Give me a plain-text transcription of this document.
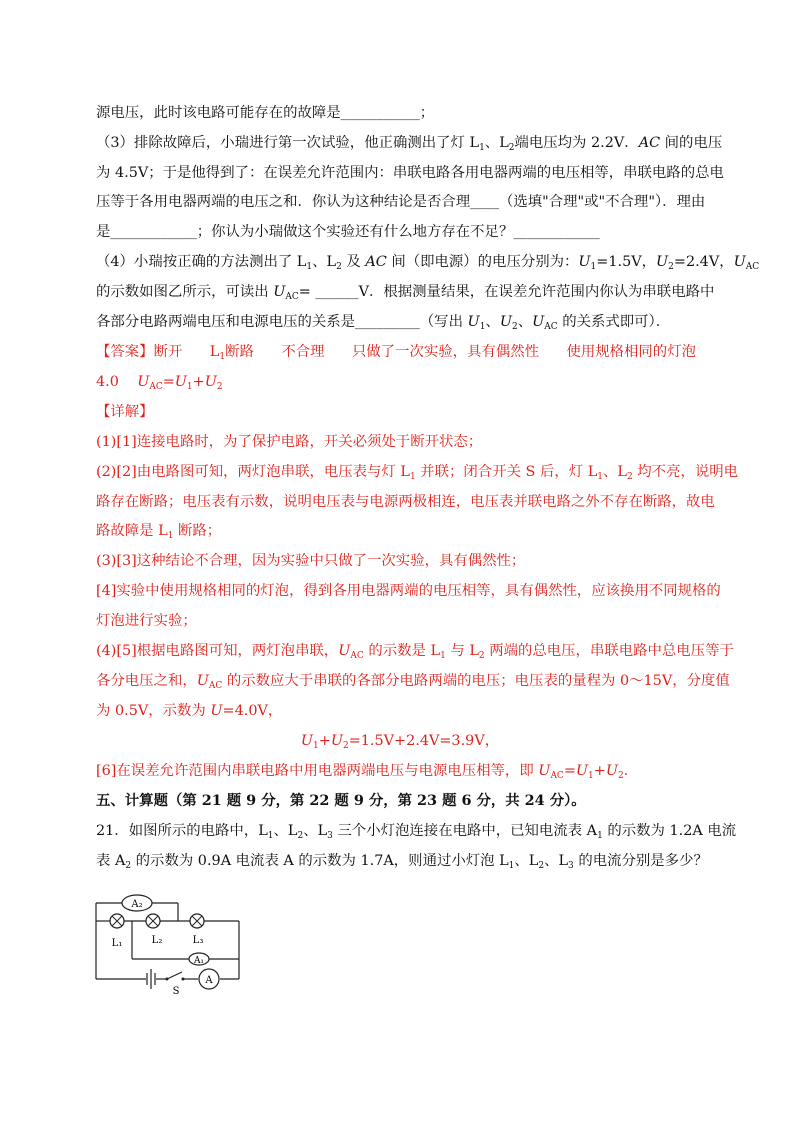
源电压，此时该电路可能存在的故障是___________；
（3）排除故障后，小瑞进行第一次试验，他正确测出了灯 $L_1$、$L_2$端电压均为 2.2V．AC 间的电压
为 4.5V；于是他得到了：在误差允许范围内：串联电路各用电器两端的电压相等，串联电路的总电
压等于各用电器两端的电压之和．你认为这种结论是否合理____（选填"合理"或"不合理"）．理由
是____________；你认为小瑞做这个实验还有什么地方存在不足？____________
（4）小瑞按正确的方法测出了 $L_1$、$L_2$ 及 AC 间（即电源）的电压分别为：$U_1=1.5V$，$U_2=2.4V$，$U_{AC}$
的示数如图乙所示，可读出 $U_{AC}=$ ______V．根据测量结果，在误差允许范围内你认为串联电路中
各部分电路两端电压和电源电压的关系是_________（写出 $U_1$、$U_2$、$U_{AC}$ 的关系式即可）．
【答案】断开      $L_1$断路      不合理      只做了一次实验，具有偶然性      使用规格相同的灯泡
4.0    $U_{AC}=U_1+U_2$
【详解】
(1)[1]连接电路时，为了保护电路，开关必须处于断开状态；
(2)[2]由电路图可知，两灯泡串联，电压表与灯 $L_1$ 并联；闭合开关 S 后，灯 $L_1$、$L_2$ 均不亮，说明电
路存在断路；电压表有示数，说明电压表与电源两极相连，电压表并联电路之外不存在断路，故电
路故障是 $L_1$ 断路；
(3)[3]这种结论不合理，因为实验中只做了一次实验，具有偶然性；
[4]实验中使用规格相同的灯泡，得到各用电器两端的电压相等，具有偶然性，应该换用不同规格的
灯泡进行实验；
(4)[5]根据电路图可知，两灯泡串联，$U_{AC}$ 的示数是 $L_1$ 与 $L_2$ 两端的总电压，串联电路中总电压等于
各分电压之和，$U_{AC}$ 的示数应大于串联的各部分电路两端的电压；电压表的量程为 0～15V，分度值
为 0.5V，示数为 U=4.0V，
$U_1+U_2=1.5V+2.4V=3.9V$，
[6]在误差允许范围内串联电路中用电器两端电压与电源电压相等，即 $U_{AC}=U_1+U_2$．
五、计算题（第 21 题 9 分，第 22 题 9 分，第 23 题 6 分，共 24 分）。
21．如图所示的电路中，$L_1$、$L_2$、$L_3$ 三个小灯泡连接在电路中，已知电流表 $A_1$ 的示数为 1.2A 电流
表 $A_2$ 的示数为 0.9A 电流表 A 的示数为 1.7A，则通过小灯泡 $L_1$、$L_2$、$L_3$ 的电流分别是多少？
A₂
L₁	L₂	L₃
A₁
S
A
